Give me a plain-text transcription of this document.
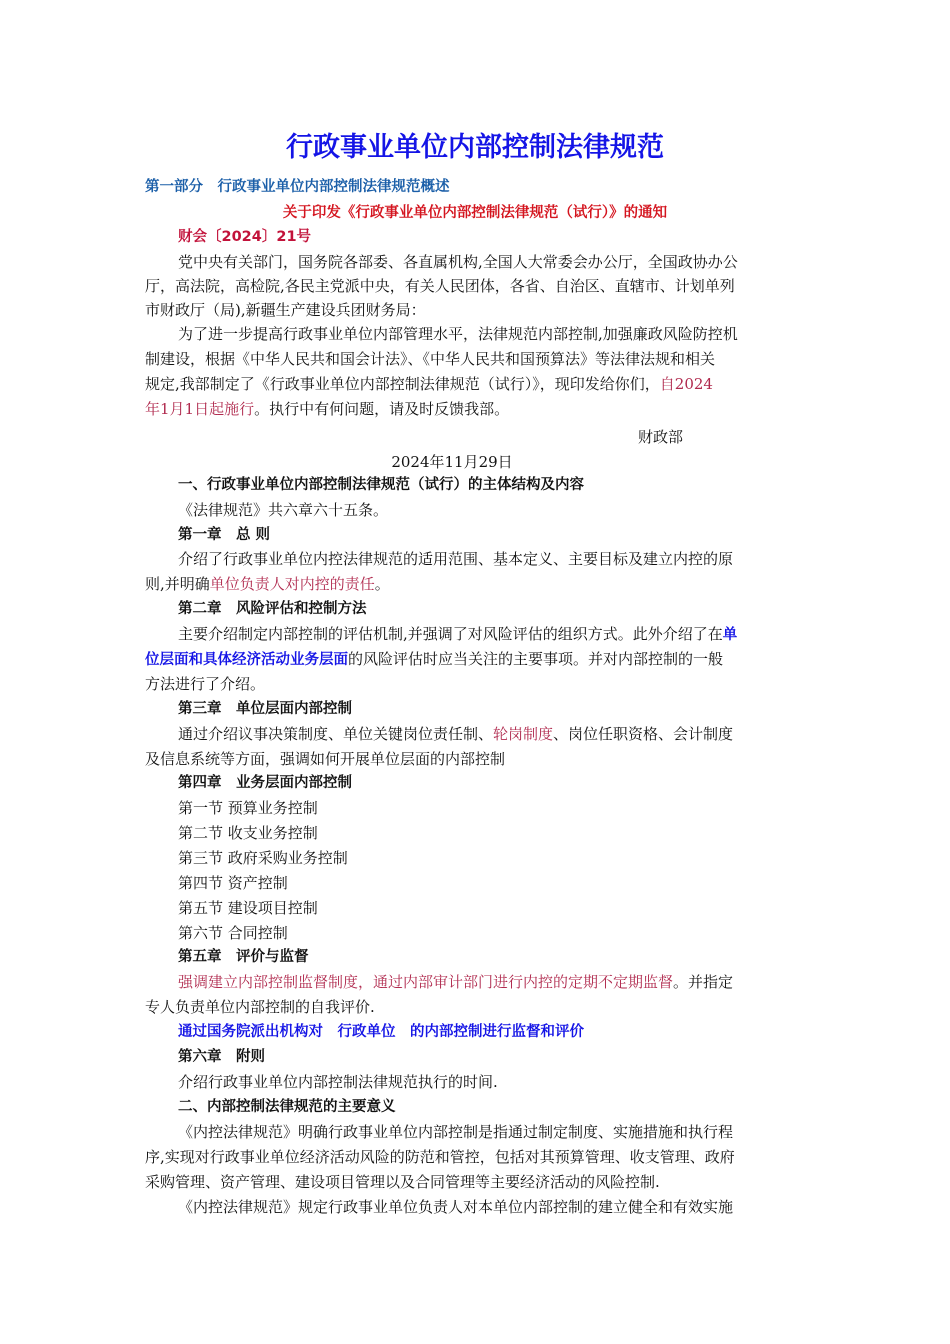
行政事业单位内部控制法律规范
第一部分　行政事业单位内部控制法律规范概述
关于印发《行政事业单位内部控制法律规范（试行）》的通知
财会〔2024〕21号
党中央有关部门，国务院各部委、各直属机构,全国人大常委会办公厅，全国政协办公
厅，高法院，高检院,各民主党派中央，有关人民团体，各省、自治区、直辖市、计划单列
市财政厅（局),新疆生产建设兵团财务局：
为了进一步提高行政事业单位内部管理水平，法律规范内部控制,加强廉政风险防控机
制建设，根据《中华人民共和国会计法》、《中华人民共和国预算法》等法律法规和相关
规定,我部制定了《行政事业单位内部控制法律规范（试行）》，现印发给你们，自2024
年1月1日起施行。执行中有何问题，请及时反馈我部。
财政部
2024年11月29日
一、行政事业单位内部控制法律规范（试行）的主体结构及内容
《法律规范》共六章六十五条。
第一章　总 则
介绍了行政事业单位内控法律规范的适用范围、基本定义、主要目标及建立内控的原
则,并明确单位负责人对内控的责任。
第二章　风险评估和控制方法
主要介绍制定内部控制的评估机制,并强调了对风险评估的组织方式。此外介绍了在单
位层面和具体经济活动业务层面的风险评估时应当关注的主要事项。并对内部控制的一般
方法进行了介绍。
第三章　单位层面内部控制
通过介绍议事决策制度、单位关键岗位责任制、轮岗制度、岗位任职资格、会计制度
及信息系统等方面，强调如何开展单位层面的内部控制
第四章　业务层面内部控制
第一节 预算业务控制
第二节 收支业务控制
第三节 政府采购业务控制
第四节 资产控制
第五节 建设项目控制
第六节 合同控制
第五章　评价与监督
强调建立内部控制监督制度，通过内部审计部门进行内控的定期不定期监督。并指定
专人负责单位内部控制的自我评价.
通过国务院派出机构对　行政单位　的内部控制进行监督和评价
第六章　附则
介绍行政事业单位内部控制法律规范执行的时间.
二、内部控制法律规范的主要意义
《内控法律规范》明确行政事业单位内部控制是指通过制定制度、实施措施和执行程
序,实现对行政事业单位经济活动风险的防范和管控，包括对其预算管理、收支管理、政府
采购管理、资产管理、建设项目管理以及合同管理等主要经济活动的风险控制.
《内控法律规范》规定行政事业单位负责人对本单位内部控制的建立健全和有效实施
